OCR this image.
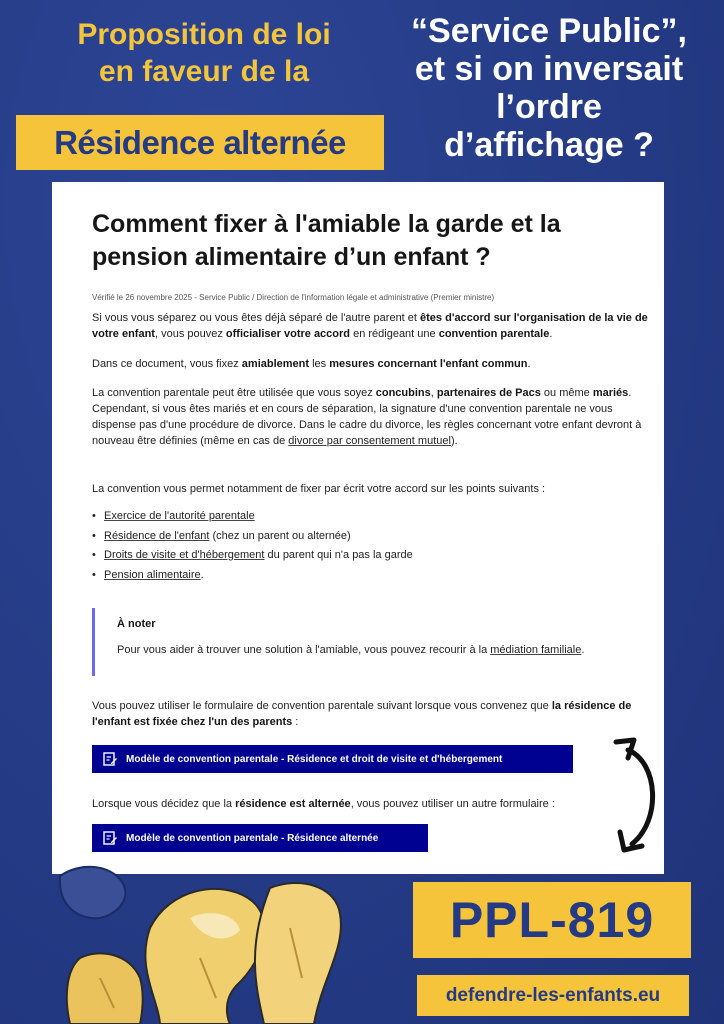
Proposition de loi
en faveur de la
Résidence alternée
“Service Public”,
et si on inversait
l’ordre
d’affichage ?
Comment fixer à l'amiable la garde et la pension alimentaire d’un enfant ?
Vérifié le 26 novembre 2025 - Service Public / Direction de l'information légale et administrative (Premier ministre)
Si vous vous séparez ou vous êtes déjà séparé de l'autre parent et êtes d'accord sur l'organisation de la vie de votre enfant, vous pouvez officialiser votre accord en rédigeant une convention parentale.
Dans ce document, vous fixez amiablement les mesures concernant l'enfant commun.
La convention parentale peut être utilisée que vous soyez concubins, partenaires de Pacs ou même mariés. Cependant, si vous êtes mariés et en cours de séparation, la signature d'une convention parentale ne vous dispense pas d'une procédure de divorce. Dans le cadre du divorce, les règles concernant votre enfant devront à nouveau être définies (même en cas de divorce par consentement mutuel).
La convention vous permet notamment de fixer par écrit votre accord sur les points suivants :
• Exercice de l'autorité parentale
• Résidence de l'enfant (chez un parent ou alternée)
• Droits de visite et d'hébergement du parent qui n'a pas la garde
• Pension alimentaire.
À noter
Pour vous aider à trouver une solution à l'amiable, vous pouvez recourir à la médiation familiale.
Vous pouvez utiliser le formulaire de convention parentale suivant lorsque vous convenez que la résidence de l'enfant est fixée chez l'un des parents :
Modèle de convention parentale - Résidence et droit de visite et d'hébergement
Lorsque vous décidez que la résidence est alternée, vous pouvez utiliser un autre formulaire :
Modèle de convention parentale - Résidence alternée
PPL-819
defendre-les-enfants.eu
